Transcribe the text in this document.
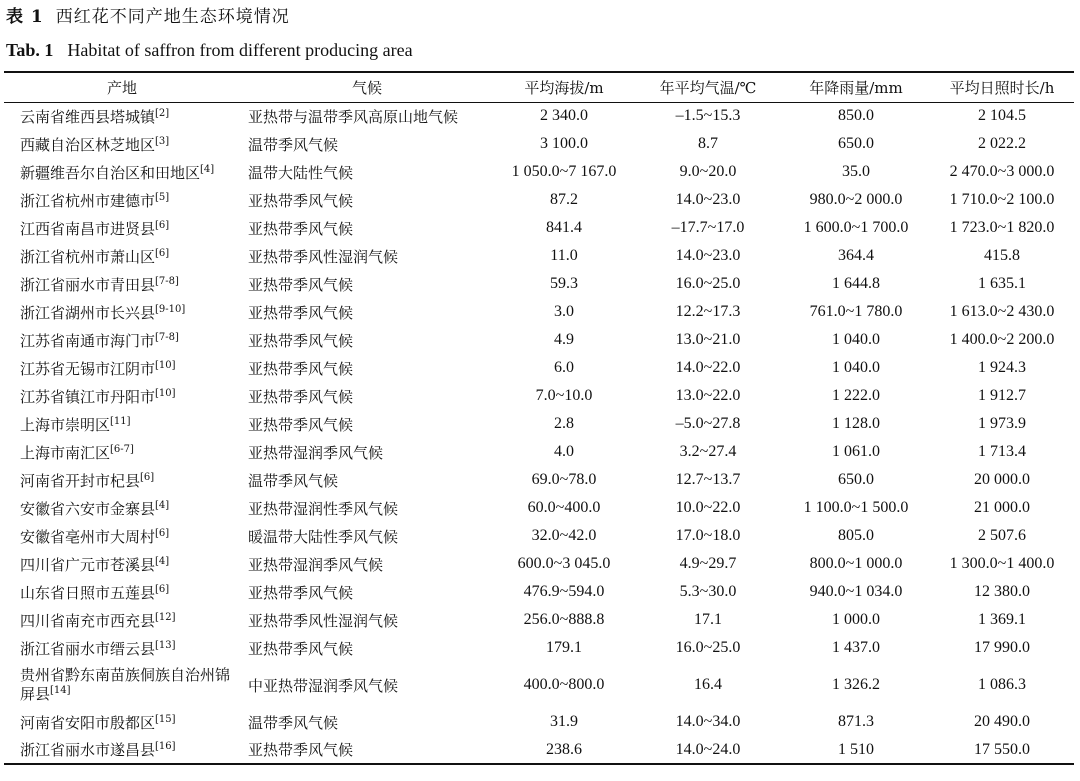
表 1 西红花不同产地生态环境情况
Tab. 1 Habitat of saffron from different producing area
产地	气候	平均海拔/m	年平均气温/℃	年降雨量/mm	平均日照时长/h
云南省维西县塔城镇[2]	亚热带与温带季风高原山地气候	2 340.0	–1.5~15.3	850.0	2 104.5
西藏自治区林芝地区[3]	温带季风气候	3 100.0	8.7	650.0	2 022.2
新疆维吾尔自治区和田地区[4]	温带大陆性气候	1 050.0~7 167.0	9.0~20.0	35.0	2 470.0~3 000.0
浙江省杭州市建德市[5]	亚热带季风气候	87.2	14.0~23.0	980.0~2 000.0	1 710.0~2 100.0
江西省南昌市进贤县[6]	亚热带季风气候	841.4	–17.7~17.0	1 600.0~1 700.0	1 723.0~1 820.0
浙江省杭州市萧山区[6]	亚热带季风性湿润气候	11.0	14.0~23.0	364.4	415.8
浙江省丽水市青田县[7-8]	亚热带季风气候	59.3	16.0~25.0	1 644.8	1 635.1
浙江省湖州市长兴县[9-10]	亚热带季风气候	3.0	12.2~17.3	761.0~1 780.0	1 613.0~2 430.0
江苏省南通市海门市[7-8]	亚热带季风气候	4.9	13.0~21.0	1 040.0	1 400.0~2 200.0
江苏省无锡市江阴市[10]	亚热带季风气候	6.0	14.0~22.0	1 040.0	1 924.3
江苏省镇江市丹阳市[10]	亚热带季风气候	7.0~10.0	13.0~22.0	1 222.0	1 912.7
上海市崇明区[11]	亚热带季风气候	2.8	–5.0~27.8	1 128.0	1 973.9
上海市南汇区[6-7]	亚热带湿润季风气候	4.0	3.2~27.4	1 061.0	1 713.4
河南省开封市杞县[6]	温带季风气候	69.0~78.0	12.7~13.7	650.0	20 000.0
安徽省六安市金寨县[4]	亚热带湿润性季风气候	60.0~400.0	10.0~22.0	1 100.0~1 500.0	21 000.0
安徽省亳州市大周村[6]	暖温带大陆性季风气候	32.0~42.0	17.0~18.0	805.0	2 507.6
四川省广元市苍溪县[4]	亚热带湿润季风气候	600.0~3 045.0	4.9~29.7	800.0~1 000.0	1 300.0~1 400.0
山东省日照市五莲县[6]	亚热带季风气候	476.9~594.0	5.3~30.0	940.0~1 034.0	12 380.0
四川省南充市西充县[12]	亚热带季风性湿润气候	256.0~888.8	17.1	1 000.0	1 369.1
浙江省丽水市缙云县[13]	亚热带季风气候	179.1	16.0~25.0	1 437.0	17 990.0
贵州省黔东南苗族侗族自治州锦屏县[14]	中亚热带湿润季风气候	400.0~800.0	16.4	1 326.2	1 086.3
河南省安阳市殷都区[15]	温带季风气候	31.9	14.0~34.0	871.3	20 490.0
浙江省丽水市遂昌县[16]	亚热带季风气候	238.6	14.0~24.0	1 510	17 550.0
